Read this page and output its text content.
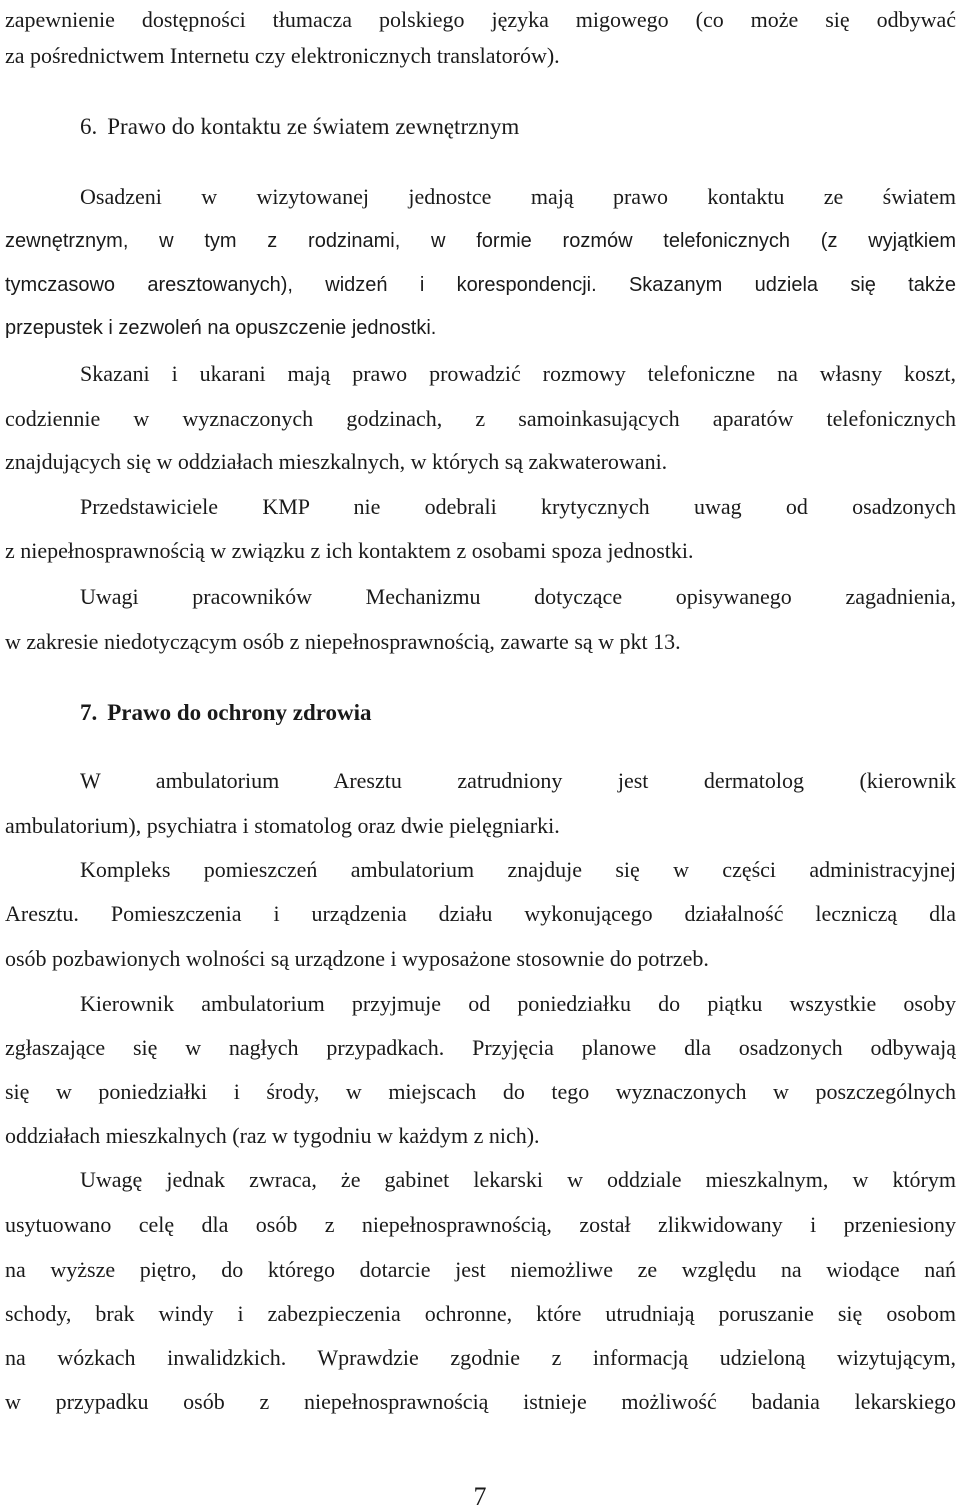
zapewnienie dostępności tłumacza polskiego języka migowego (co może się odbywać
za pośrednictwem Internetu czy elektronicznych translatorów).
6. Prawo do kontaktu ze światem zewnętrznym
Osadzeni w wizytowanej jednostce mają prawo kontaktu ze światem
zewnętrznym, w tym z rodzinami, w formie rozmów telefonicznych (z wyjątkiem
tymczasowo aresztowanych), widzeń i korespondencji. Skazanym udziela się także
przepustek i zezwoleń na opuszczenie jednostki.
Skazani i ukarani mają prawo prowadzić rozmowy telefoniczne na własny koszt,
codziennie w wyznaczonych godzinach, z samoinkasujących aparatów telefonicznych
znajdujących się w oddziałach mieszkalnych, w których są zakwaterowani.
Przedstawiciele KMP nie odebrali krytycznych uwag od osadzonych
z niepełnosprawnością w związku z ich kontaktem z osobami spoza jednostki.
Uwagi pracowników Mechanizmu dotyczące opisywanego zagadnienia,
w zakresie niedotyczącym osób z niepełnosprawnością, zawarte są w pkt 13.
7. Prawo do ochrony zdrowia
W ambulatorium Aresztu zatrudniony jest dermatolog (kierownik
ambulatorium), psychiatra i stomatolog oraz dwie pielęgniarki.
Kompleks pomieszczeń ambulatorium znajduje się w części administracyjnej
Aresztu. Pomieszczenia i urządzenia działu wykonującego działalność leczniczą dla
osób pozbawionych wolności są urządzone i wyposażone stosownie do potrzeb.
Kierownik ambulatorium przyjmuje od poniedziałku do piątku wszystkie osoby
zgłaszające się w nagłych przypadkach. Przyjęcia planowe dla osadzonych odbywają
się w poniedziałki i środy, w miejscach do tego wyznaczonych w poszczególnych
oddziałach mieszkalnych (raz w tygodniu w każdym z nich).
Uwagę jednak zwraca, że gabinet lekarski w oddziale mieszkalnym, w którym
usytuowano celę dla osób z niepełnosprawnością, został zlikwidowany i przeniesiony
na wyższe piętro, do którego dotarcie jest niemożliwe ze względu na wiodące nań
schody, brak windy i zabezpieczenia ochronne, które utrudniają poruszanie się osobom
na wózkach inwalidzkich. Wprawdzie zgodnie z informacją udzieloną wizytującym,
w przypadku osób z niepełnosprawnością istnieje możliwość badania lekarskiego
7
